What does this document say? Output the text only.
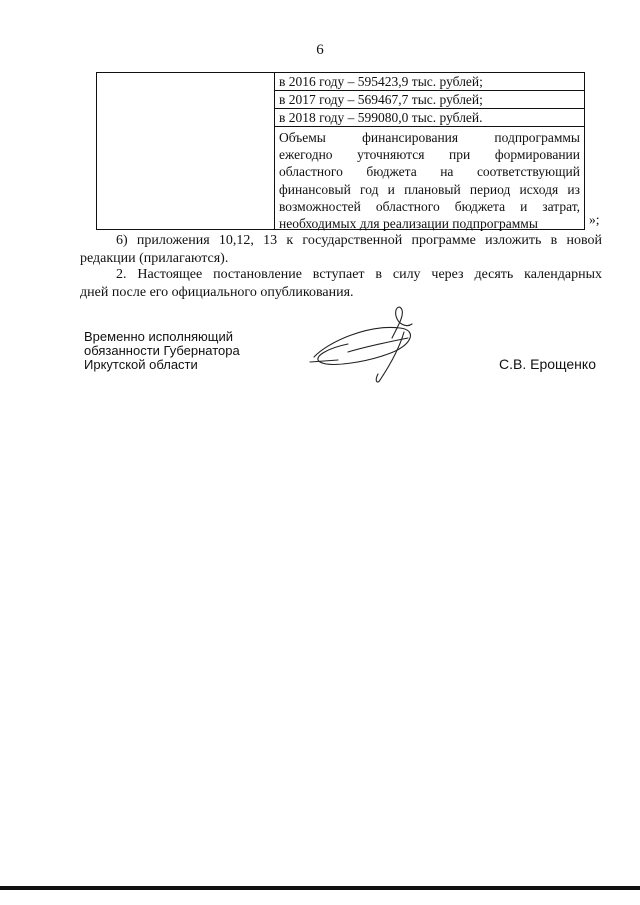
6
в 2016 году – 595423,9 тыс. рублей;
в 2017 году – 569467,7 тыс. рублей;
в 2018 году – 599080,0 тыс. рублей.
Объемы финансирования подпрограммы
ежегодно уточняются при формировании
областного бюджета на соответствующий
финансовый год и плановый период исходя из
возможностей областного бюджета и затрат,
необходимых для реализации подпрограммы	»;
6) приложения 10,12, 13 к государственной программе изложить в новой
редакции (прилагаются).
2. Настоящее постановление вступает в силу через десять календарных
дней после его официального опубликования.
Временно исполняющий
обязанности Губернатора
Иркутской области	С.В. Ерощенко
